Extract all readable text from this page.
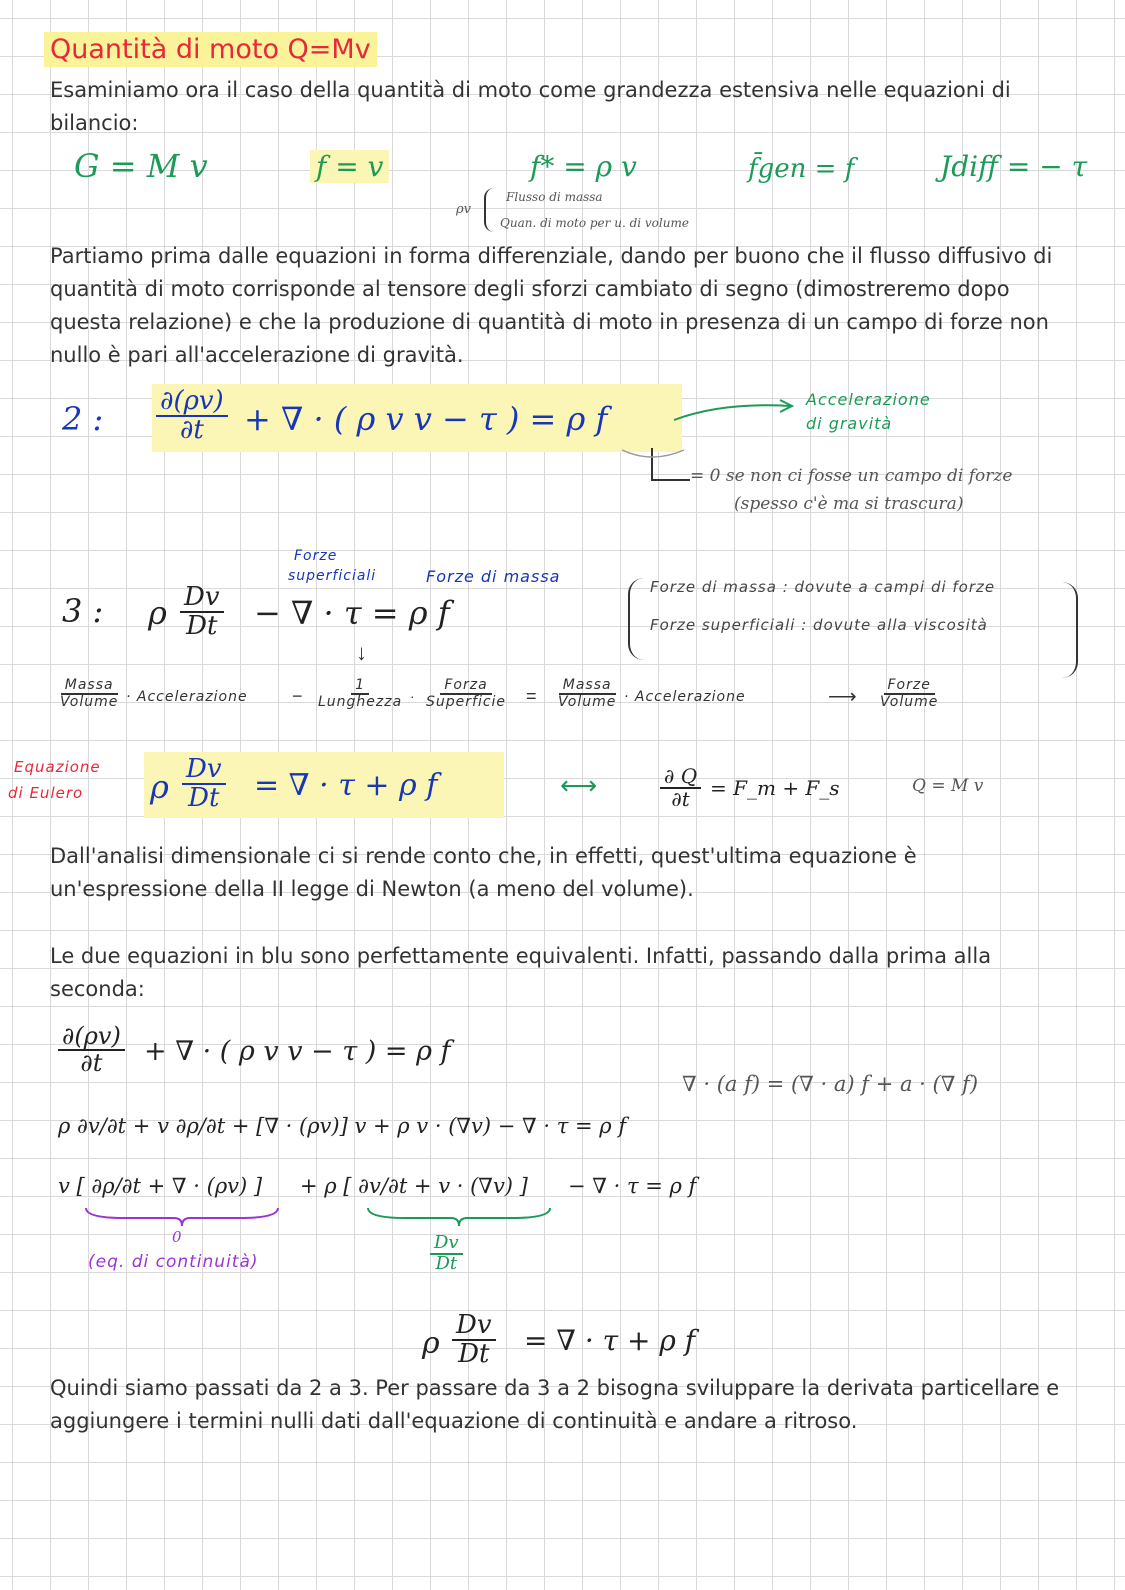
Quantità di moto Q=Mv
Esaminiamo ora il caso della quantità di moto come grandezza estensiva nelle equazioni di bilancio:
G = M v	f = v	f* = ρ v
ρv
Flusso di massa
Quan. di moto per u. di volume
f̄gen = f	Jdiff = − τ
Partiamo prima dalle equazioni in forma differenziale, dando per buono che il flusso diffusivo di quantità di moto corrisponde al tensore degli sforzi cambiato di segno (dimostreremo dopo questa relazione) e che la produzione di quantità di moto in presenza di un campo di forze non nullo è pari all'accelerazione di gravità.
2 : $\frac{\partial(\rho v)}{\partial t}$ + ∇ · ( ρ v v − τ ) = ρ f
Accelerazione
di gravità
= 0 se non ci fosse un campo di forze
(spesso c'è ma si trascura)
Forze
superficiali	Forze di massa
3 : ρ $\frac{Dv}{Dt}$ − ∇ · τ = ρ f
↓
Forze di massa : dovute a campi di forze
Forze superficiali : dovute alla viscosità
Massa
Volume · Accelerazione −
1
Lunghezza ·
Forza
Superficie =
Massa
Volume · Accelerazione	⟶
Forze
Volume
Equazione
di Eulero ρ $\frac{Dv}{Dt}$ = ∇ · τ + ρ f	⟷	$\frac{\partial Q}{\partial t}$ = F_m + F_s	Q = M v
Dall'analisi dimensionale ci si rende conto che, in effetti, quest'ultima equazione è un'espressione della II legge di Newton (a meno del volume).
Le due equazioni in blu sono perfettamente equivalenti. Infatti, passando dalla prima alla seconda:
$\frac{\partial(\rho v)}{\partial t}$ + ∇ · ( ρ v v − τ ) = ρ f
∇ · (a f) = (∇ · a) f + a · (∇ f)
ρ ∂v/∂t + v ∂ρ/∂t + [∇ · (ρv)] v + ρ v · (∇v) − ∇ · τ = ρ f
v [ ∂ρ/∂t + ∇ · (ρv) ] + ρ [ ∂v/∂t + v · (∇v) ] − ∇ · τ = ρ f
0
(eq. di continuità)	$\frac{Dv}{Dt}$
ρ $\frac{Dv}{Dt}$ = ∇ · τ + ρ f
Quindi siamo passati da 2 a 3. Per passare da 3 a 2 bisogna sviluppare la derivata particellare e aggiungere i termini nulli dati dall'equazione di continuità e andare a ritroso.
